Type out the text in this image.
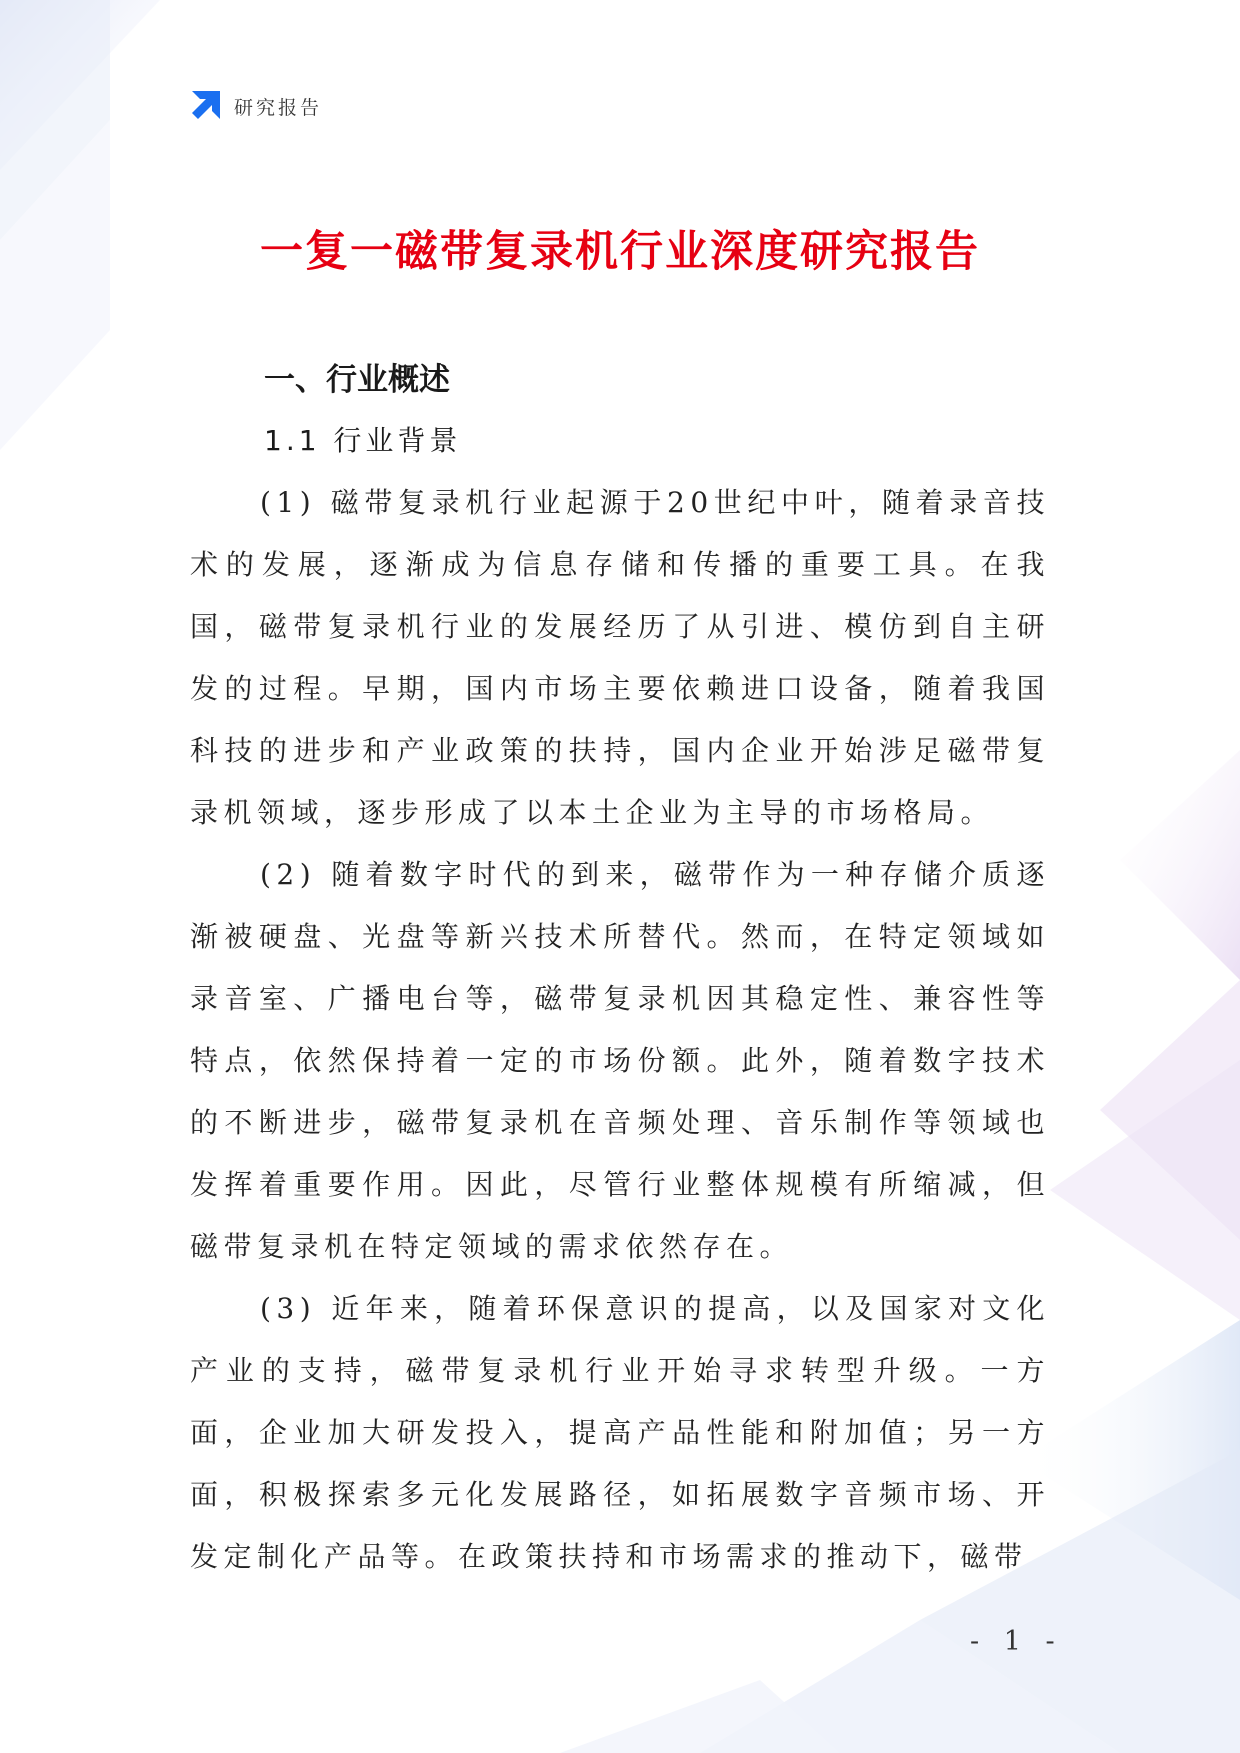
研究报告
一复一磁带复录机行业深度研究报告
一、行业概述
1.1 行业背景

(1) 磁带复录机行业起源于20世纪中叶，随着录音技术的发展，逐渐成为信息存储和传播的重要工具。在我国，磁带复录机行业的发展经历了从引进、模仿到自主研发的过程。早期，国内市场主要依赖进口设备，随着我国科技的进步和产业政策的扶持，国内企业开始涉足磁带复录机领域，逐步形成了以本土企业为主导的市场格局。

(2) 随着数字时代的到来，磁带作为一种存储介质逐渐被硬盘、光盘等新兴技术所替代。然而，在特定领域如录音室、广播电台等，磁带复录机因其稳定性、兼容性等特点，依然保持着一定的市场份额。此外，随着数字技术的不断进步，磁带复录机在音频处理、音乐制作等领域也发挥着重要作用。因此，尽管行业整体规模有所缩减，但磁带复录机在特定领域的需求依然存在。

(3) 近年来，随着环保意识的提高，以及国家对文化产业的支持，磁带复录机行业开始寻求转型升级。一方面，企业加大研发投入，提高产品性能和附加值；另一方面，积极探索多元化发展路径，如拓展数字音频市场、开发定制化产品等。在政策扶持和市场需求的推动下，磁带

- 1 -
